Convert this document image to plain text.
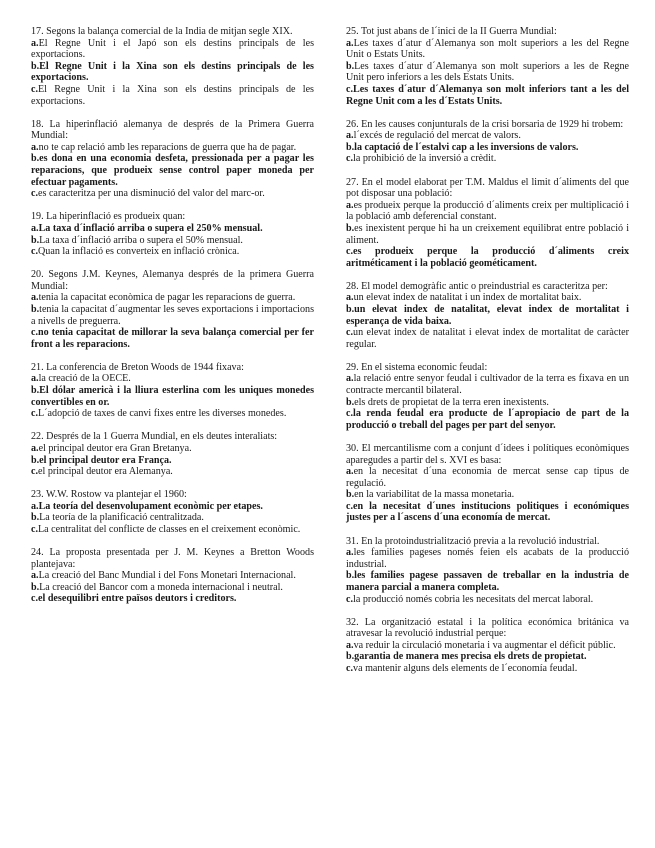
17. Segons la balança comercial de la India de mitjan segle XIX.
a.El Regne Unit i el Japó son els destins principals de les exportacions.
b.El Regne Unit i la Xina son els destins principals de les exportacions.
c.El Regne Unit i la Xina son els destins principals de les exportacions.
18. La hiperinflació alemanya de després de la Primera Guerra Mundial:
a.no te cap relació amb les reparacions de guerra que ha de pagar.
b.es dona en una economia desfeta, pressionada per a pagar les reparacions, que produeix sense control paper moneda per efectuar pagaments.
c.es caracteritza per una disminució del valor del marc-or.
19. La hiperinflació es produeix quan:
a.La taxa d´inflació arriba o supera el 250% mensual.
b.La taxa d´inflació arriba o supera el 50% mensual.
c.Quan la inflació es converteix en inflació crònica.
20. Segons J.M. Keynes, Alemanya després de la primera Guerra Mundial:
a.tenia la capacitat econòmica de pagar les reparacions de guerra.
b.tenia la capacitat d´augmentar les seves exportacions i importacions a nivells de preguerra.
c.no tenia capacitat de millorar la seva balança comercial per fer front a les reparacions.
21. La conferencia de Breton Woods de 1944 fixava:
a.la creació de la OECE.
b.El dólar americà i la lliura esterlina com les uniques monedes convertibles en or.
c.L´adopció de taxes de canvi fixes entre les diverses monedes.
22. Després de la 1 Guerra Mundial, en els deutes interaliats:
a.el principal deutor era Gran Bretanya.
b.el principal deutor era França.
c.el principal deutor era Alemanya.
23. W.W. Rostow va plantejar el 1960:
a.La teoría del desenvolupament econòmic per etapes.
b.La teoría de la planificació centralitzada.
c.La centralitat del conflicte de classes en el creixement econòmic.
24. La proposta presentada per J. M. Keynes a Bretton Woods plantejava:
a.La creació del Banc Mundial i del Fons Monetari Internacional.
b.La creació del Bancor com a moneda internacional i neutral.
c.el desequilibri entre països deutors i creditors.
25. Tot just abans de l´inici de la II Guerra Mundial:
a.Les taxes d´atur d´Alemanya son molt superiors a les del Regne Unit o Estats Units.
b.Les taxes d´atur d´Alemanya son molt superiors a les de Regne Unit pero inferiors a les dels Estats Units.
c.Les taxes d´atur d´Alemanya son molt inferiors tant a les del Regne Unit com a les d´Estats Units.
26. En les causes conjunturals de la crisi borsaria de 1929 hi trobem:
a.l´excés de regulació del mercat de valors.
b.la captació de l´estalvi cap a les inversions de valors.
c.la prohibició de la inversió a crèdit.
27. En el model elaborat per T.M. Maldus el limit d´aliments del que pot disposar una població:
a.es produeix perque la producció d´aliments creix per multiplicació i la població amb deferencial constant.
b.es inexistent perque hi ha un creixement equilibrat entre població i aliment.
c.es produeix perque la producció d´aliments creix aritméticament i la població geométicament.
28. El model demogràfic antic o preindustrial es caracteritza per:
a.un elevat index de natalitat i un index de mortalitat baix.
b.un elevat index de natalitat, elevat index de mortalitat i esperança de vida baixa.
c.un elevat index de natalitat i elevat index de mortalitat de caràcter regular.
29. En el sistema economic feudal:
a.la relació entre senyor feudal i cultivador de la terra es fixava en un contracte mercantil bilateral.
b.els drets de propietat de la terra eren inexistents.
c.la renda feudal era producte de l´apropiacio de part de la producció o treball del pages per part del senyor.
30. El mercantilisme com a conjunt d´idees i polítiques econòmiques aparegudes a partir del s. XVI es basa:
a.en la necesitat d´una economia de mercat sense cap tipus de regulació.
b.en la variabilitat de la massa monetaria.
c.en la necesitat d´unes institucions politiques i económiques justes per a l´ascens d´una economía de mercat.
31. En la protoindustrialització previa a la revolució industrial.
a.les families pageses només feien els acabats de la producció industrial.
b.les families pagese passaven de treballar en la industria de manera parcial a manera completa.
c.la producció només cobria les necesitats del mercat laboral.
32. La organització estatal i la política económica británica va atravesar la revolució industrial perque:
a.va reduir la circulació monetaria i va augmentar el déficit públic.
b.garantia de manera mes precisa els drets de propietat.
c.va mantenir alguns dels elements de l´economía feudal.
